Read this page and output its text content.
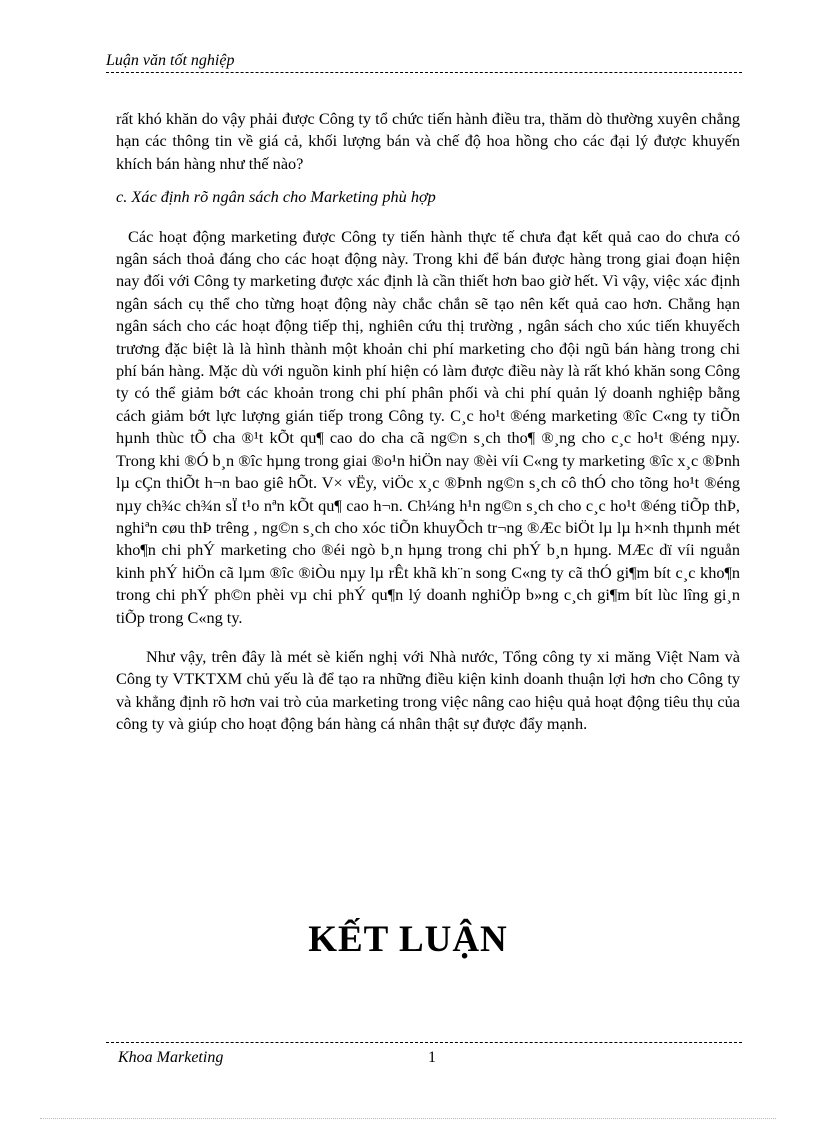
Luận văn tốt nghiệp

rất khó khăn do vậy phải được Công ty tổ chức tiến hành điều tra, thăm dò thường xuyên chẳng hạn các thông tin về giá cả, khối lượng bán và chế độ hoa hồng cho các đại lý được khuyến khích bán hàng như thế nào?

c. Xác định rõ ngân sách cho Marketing phù hợp

Các hoạt động marketing được Công ty tiến hành thực tế chưa đạt kết quả cao do chưa có ngân sách thoả đáng cho các hoạt động này. Trong khi để bán được hàng trong giai đoạn hiện nay đối với Công ty marketing được xác định là cần thiết hơn bao giờ hết. Vì vậy, việc xác định ngân sách cụ thể cho từng hoạt động này chắc chắn sẽ tạo nên kết quả cao hơn. Chẳng hạn ngân sách cho các hoạt động tiếp thị, nghiên cứu thị trường , ngân sách cho xúc tiến khuyếch trương đặc biệt là là hình thành một khoản chi phí marketing cho đội ngũ bán hàng trong chi phí bán hàng. Mặc dù với nguồn kinh phí hiện có làm được điều này là rất khó khăn song Công ty có thể giảm bớt các khoản trong chi phí phân phối và chi phí quản lý doanh nghiệp bằng cách giảm bớt lực lượng gián tiếp trong Công ty. C¸c ho¹t ®éng marketing ®îc C«ng ty tiÕn hµnh thùc tÕ cha ®¹t kÕt qu¶ cao do cha cã ng©n s¸ch tho¶ ®¸ng cho c¸c ho¹t ®éng nµy. Trong khi ®Ó b¸n ®îc hµng trong giai ®o¹n hiÖn nay ®èi víi C«ng ty marketing ®îc x¸c ®Þnh lµ cÇn thiÕt h¬n bao giê hÕt. V× vËy, viÖc x¸c ®Þnh ng©n s¸ch cô thÓ cho tõng ho¹t ®éng nµy ch¾c ch¾n sÏ t¹o nªn kÕt qu¶ cao h¬n. Ch¼ng h¹n ng©n s¸ch cho c¸c ho¹t ®éng tiÕp thÞ, nghiªn cøu thÞ trêng , ng©n s¸ch cho xóc tiÕn khuyÕch tr¬ng ®Æc biÖt lµ lµ h×nh thµnh mét kho¶n chi phÝ marketing cho ®éi ngò b¸n hµng trong chi phÝ b¸n hµng. MÆc dï víi nguån kinh phÝ hiÖn cã lµm ®îc ®iÒu nµy lµ rÊt khã kh¨n song C«ng ty cã thÓ gi¶m bít c¸c kho¶n trong chi phÝ ph©n phèi vµ chi phÝ qu¶n lý doanh nghiÖp b»ng c¸ch gi¶m bít lùc lîng gi¸n tiÕp trong C«ng ty.

Như vậy, trên đây là mét sè kiến nghị với Nhà nước, Tổng công ty xi măng Việt Nam và Công ty VTKTXM chủ yếu là để tạo ra những điều kiện kinh doanh thuận lợi hơn cho Công ty và khẳng định rõ hơn vai trò của marketing trong việc nâng cao hiệu quả hoạt động tiêu thụ của công ty và giúp cho hoạt động bán hàng cá nhân thật sự được đẩy mạnh.

KẾT LUẬN
Khoa Marketing	1
